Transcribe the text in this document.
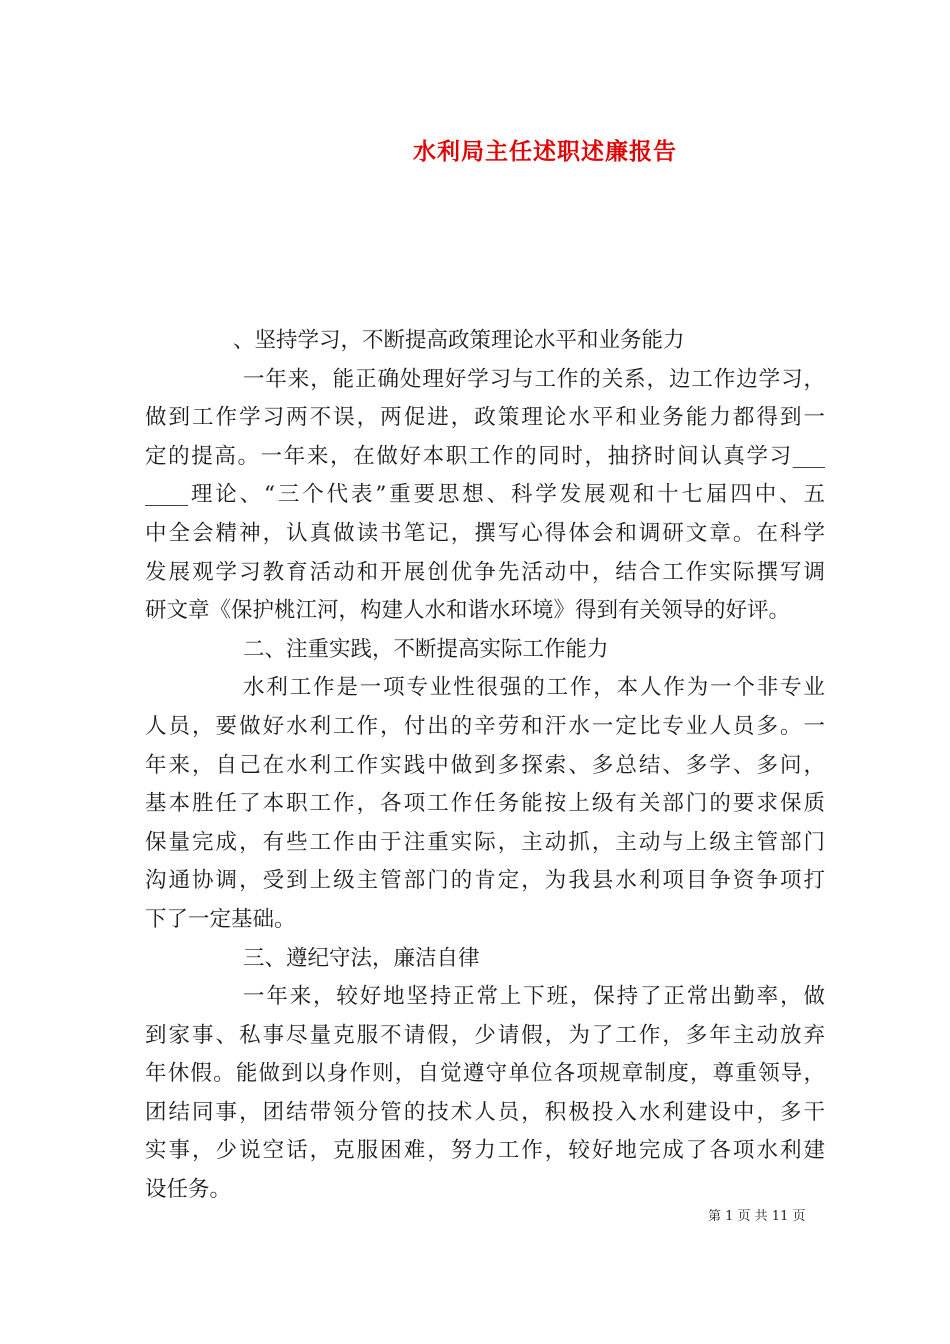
水利局主任述职述廉报告
、坚持学习，不断提高政策理论水平和业务能力
一年来，能正确处理好学习与工作的关系，边工作边学习，
做到工作学习两不误，两促进，政策理论水平和业务能力都得到一
定的提高。一年来，在做好本职工作的同时，抽挤时间认真学习___
____理论、“三个代表”重要思想、科学发展观和十七届四中、五
中全会精神，认真做读书笔记，撰写心得体会和调研文章。在科学
发展观学习教育活动和开展创优争先活动中，结合工作实际撰写调
研文章《保护桃江河，构建人水和谐水环境》得到有关领导的好评。
二、注重实践，不断提高实际工作能力
水利工作是一项专业性很强的工作，本人作为一个非专业
人员，要做好水利工作，付出的辛劳和汗水一定比专业人员多。一
年来，自己在水利工作实践中做到多探索、多总结、多学、多问，
基本胜任了本职工作，各项工作任务能按上级有关部门的要求保质
保量完成，有些工作由于注重实际，主动抓，主动与上级主管部门
沟通协调，受到上级主管部门的肯定，为我县水利项目争资争项打
下了一定基础。
三、遵纪守法，廉洁自律
一年来，较好地坚持正常上下班，保持了正常出勤率，做
到家事、私事尽量克服不请假，少请假，为了工作，多年主动放弃
年休假。能做到以身作则，自觉遵守单位各项规章制度，尊重领导，
团结同事，团结带领分管的技术人员，积极投入水利建设中，多干
实事，少说空话，克服困难，努力工作，较好地完成了各项水利建
设任务。
第 1 页 共 11 页
